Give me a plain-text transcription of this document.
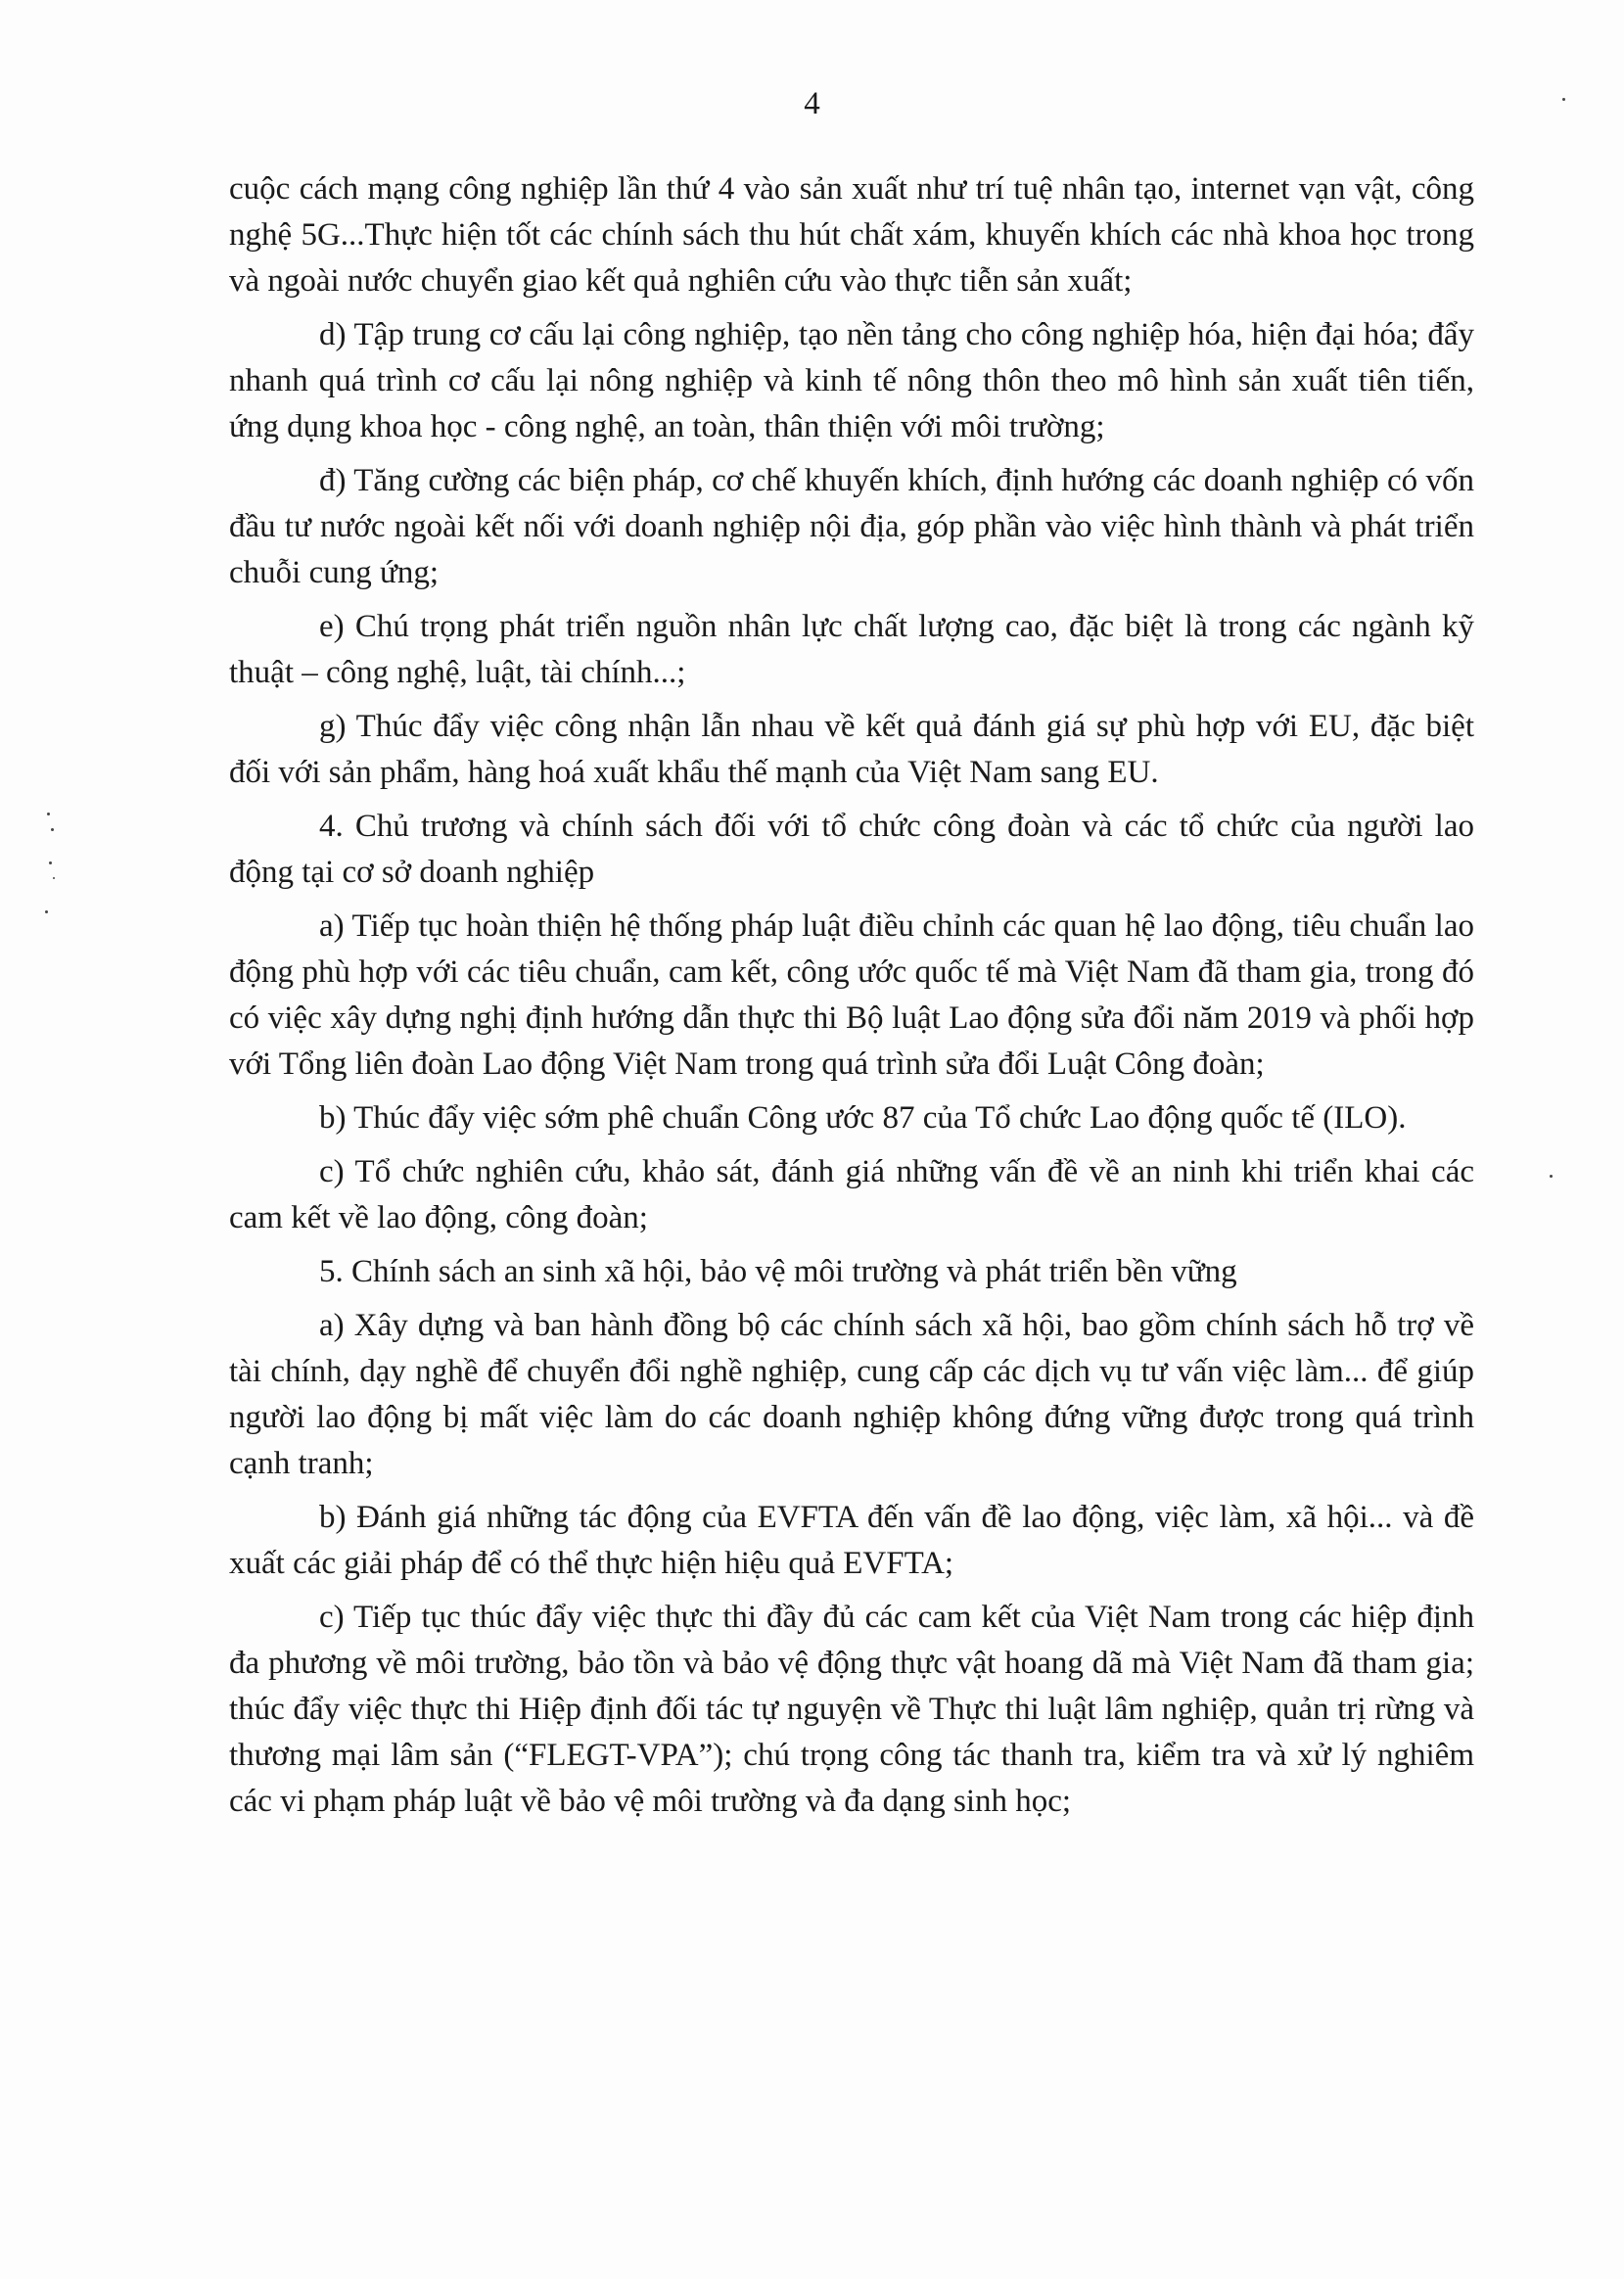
4

cuộc cách mạng công nghiệp lần thứ 4 vào sản xuất như trí tuệ nhân tạo, internet vạn vật, công nghệ 5G...Thực hiện tốt các chính sách thu hút chất xám, khuyến khích các nhà khoa học trong và ngoài nước chuyển giao kết quả nghiên cứu vào thực tiễn sản xuất;

d) Tập trung cơ cấu lại công nghiệp, tạo nền tảng cho công nghiệp hóa, hiện đại hóa; đẩy nhanh quá trình cơ cấu lại nông nghiệp và kinh tế nông thôn theo mô hình sản xuất tiên tiến, ứng dụng khoa học - công nghệ, an toàn, thân thiện với môi trường;

đ) Tăng cường các biện pháp, cơ chế khuyến khích, định hướng các doanh nghiệp có vốn đầu tư nước ngoài kết nối với doanh nghiệp nội địa, góp phần vào việc hình thành và phát triển chuỗi cung ứng;

e) Chú trọng phát triển nguồn nhân lực chất lượng cao, đặc biệt là trong các ngành kỹ thuật – công nghệ, luật, tài chính...;

g) Thúc đẩy việc công nhận lẫn nhau về kết quả đánh giá sự phù hợp với EU, đặc biệt đối với sản phẩm, hàng hoá xuất khẩu thế mạnh của Việt Nam sang EU.

4. Chủ trương và chính sách đối với tổ chức công đoàn và các tổ chức của người lao động tại cơ sở doanh nghiệp

a) Tiếp tục hoàn thiện hệ thống pháp luật điều chỉnh các quan hệ lao động, tiêu chuẩn lao động phù hợp với các tiêu chuẩn, cam kết, công ước quốc tế mà Việt Nam đã tham gia, trong đó có việc xây dựng nghị định hướng dẫn thực thi Bộ luật Lao động sửa đổi năm 2019 và phối hợp với Tổng liên đoàn Lao động Việt Nam trong quá trình sửa đổi Luật Công đoàn;

b) Thúc đẩy việc sớm phê chuẩn Công ước 87 của Tổ chức Lao động quốc tế (ILO).

c) Tổ chức nghiên cứu, khảo sát, đánh giá những vấn đề về an ninh khi triển khai các cam kết về lao động, công đoàn;

5. Chính sách an sinh xã hội, bảo vệ môi trường và phát triển bền vững

a) Xây dựng và ban hành đồng bộ các chính sách xã hội, bao gồm chính sách hỗ trợ về tài chính, dạy nghề để chuyển đổi nghề nghiệp, cung cấp các dịch vụ tư vấn việc làm... để giúp người lao động bị mất việc làm do các doanh nghiệp không đứng vững được trong quá trình cạnh tranh;

b) Đánh giá những tác động của EVFTA đến vấn đề lao động, việc làm, xã hội... và đề xuất các giải pháp để có thể thực hiện hiệu quả EVFTA;

c) Tiếp tục thúc đẩy việc thực thi đầy đủ các cam kết của Việt Nam trong các hiệp định đa phương về môi trường, bảo tồn và bảo vệ động thực vật hoang dã mà Việt Nam đã tham gia; thúc đẩy việc thực thi Hiệp định đối tác tự nguyện về Thực thi luật lâm nghiệp, quản trị rừng và thương mại lâm sản (“FLEGT-VPA”); chú trọng công tác thanh tra, kiểm tra và xử lý nghiêm các vi phạm pháp luật về bảo vệ môi trường và đa dạng sinh học;
